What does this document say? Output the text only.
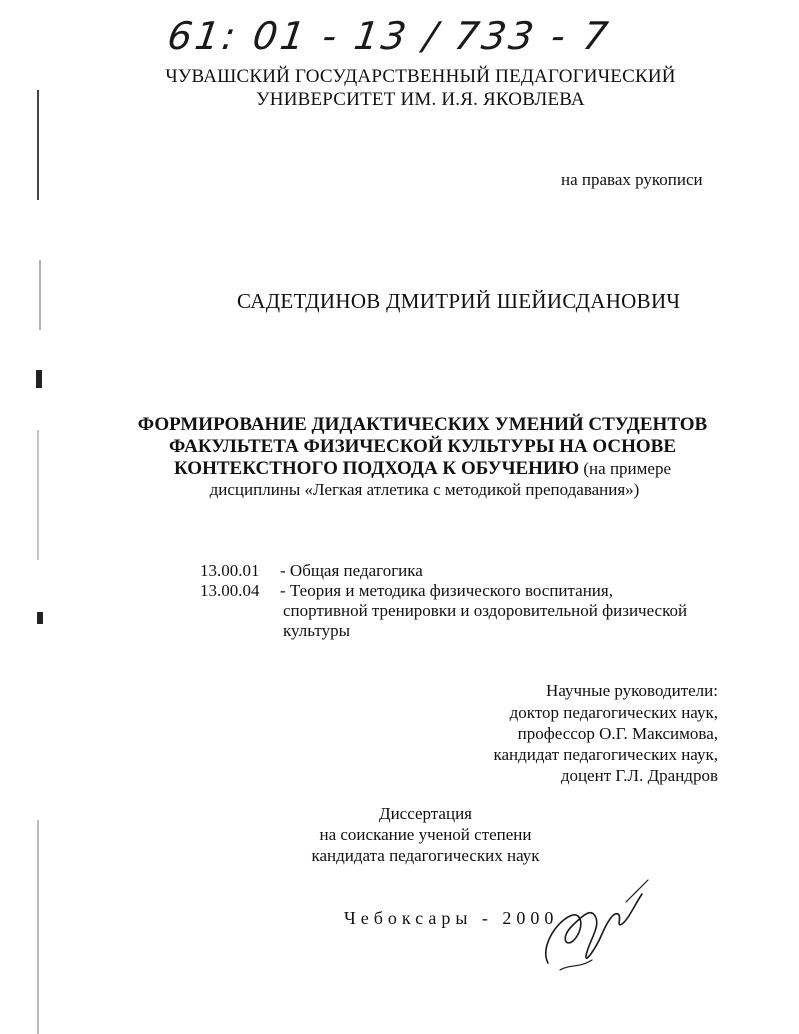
61: 01 - 13 / 733 - 7
ЧУВАШСКИЙ ГОСУДАРСТВЕННЫЙ ПЕДАГОГИЧЕСКИЙ
УНИВЕРСИТЕТ ИМ. И.Я. ЯКОВЛЕВА
на правах рукописи
САДЕТДИНОВ ДМИТРИЙ ШЕЙИСДАНОВИЧ
ФОРМИРОВАНИЕ ДИДАКТИЧЕСКИХ УМЕНИЙ СТУДЕНТОВ
ФАКУЛЬТЕТА ФИЗИЧЕСКОЙ КУЛЬТУРЫ НА ОСНОВЕ
КОНТЕКСТНОГО ПОДХОДА К ОБУЧЕНИЮ (на примере
дисциплины «Легкая атлетика с методикой преподавания»)
13.00.01 - Общая педагогика
13.00.04 - Теория и методика физического воспитания,
спортивной тренировки и оздоровительной физической
культуры
Научные руководители:
доктор педагогических наук,
профессор О.Г. Максимова,
кандидат педагогических наук,
доцент Г.Л. Драндров
Диссертация
на соискание ученой степени
кандидата педагогических наук
Чебоксары - 2000
